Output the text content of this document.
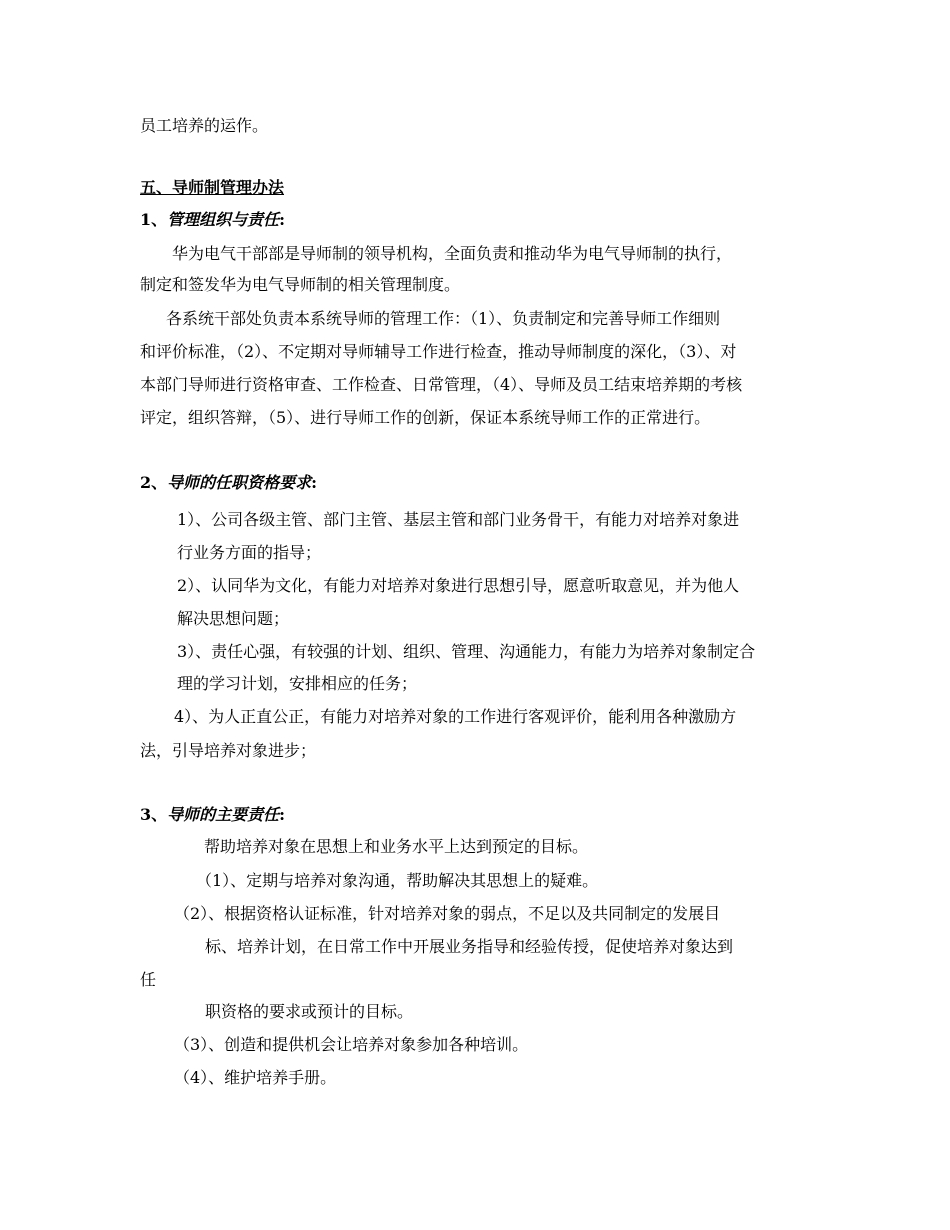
员工培养的运作。
五、导师制管理办法
1、管理组织与责任:
华为电气干部部是导师制的领导机构，全面负责和推动华为电气导师制的执行，
制定和签发华为电气导师制的相关管理制度。
各系统干部处负责本系统导师的管理工作：（1）、负责制定和完善导师工作细则
和评价标准，（2）、不定期对导师辅导工作进行检查，推动导师制度的深化，（3）、对
本部门导师进行资格审查、工作检查、日常管理，（4）、导师及员工结束培养期的考核
评定，组织答辩，（5）、进行导师工作的创新，保证本系统导师工作的正常进行。
2、导师的任职资格要求:
1）、公司各级主管、部门主管、基层主管和部门业务骨干，有能力对培养对象进
行业务方面的指导；
2）、认同华为文化，有能力对培养对象进行思想引导，愿意听取意见，并为他人
解决思想问题；
3）、责任心强，有较强的计划、组织、管理、沟通能力，有能力为培养对象制定合
理的学习计划，安排相应的任务；
4）、为人正直公正，有能力对培养对象的工作进行客观评价，能利用各种激励方
法，引导培养对象进步；
3、导师的主要责任:
帮助培养对象在思想上和业务水平上达到预定的目标。
（1）、定期与培养对象沟通，帮助解决其思想上的疑难。
（2）、根据资格认证标准，针对培养对象的弱点，不足以及共同制定的发展目
标、培养计划，在日常工作中开展业务指导和经验传授，促使培养对象达到
任
职资格的要求或预计的目标。
（3）、创造和提供机会让培养对象参加各种培训。
（4）、维护培养手册。
